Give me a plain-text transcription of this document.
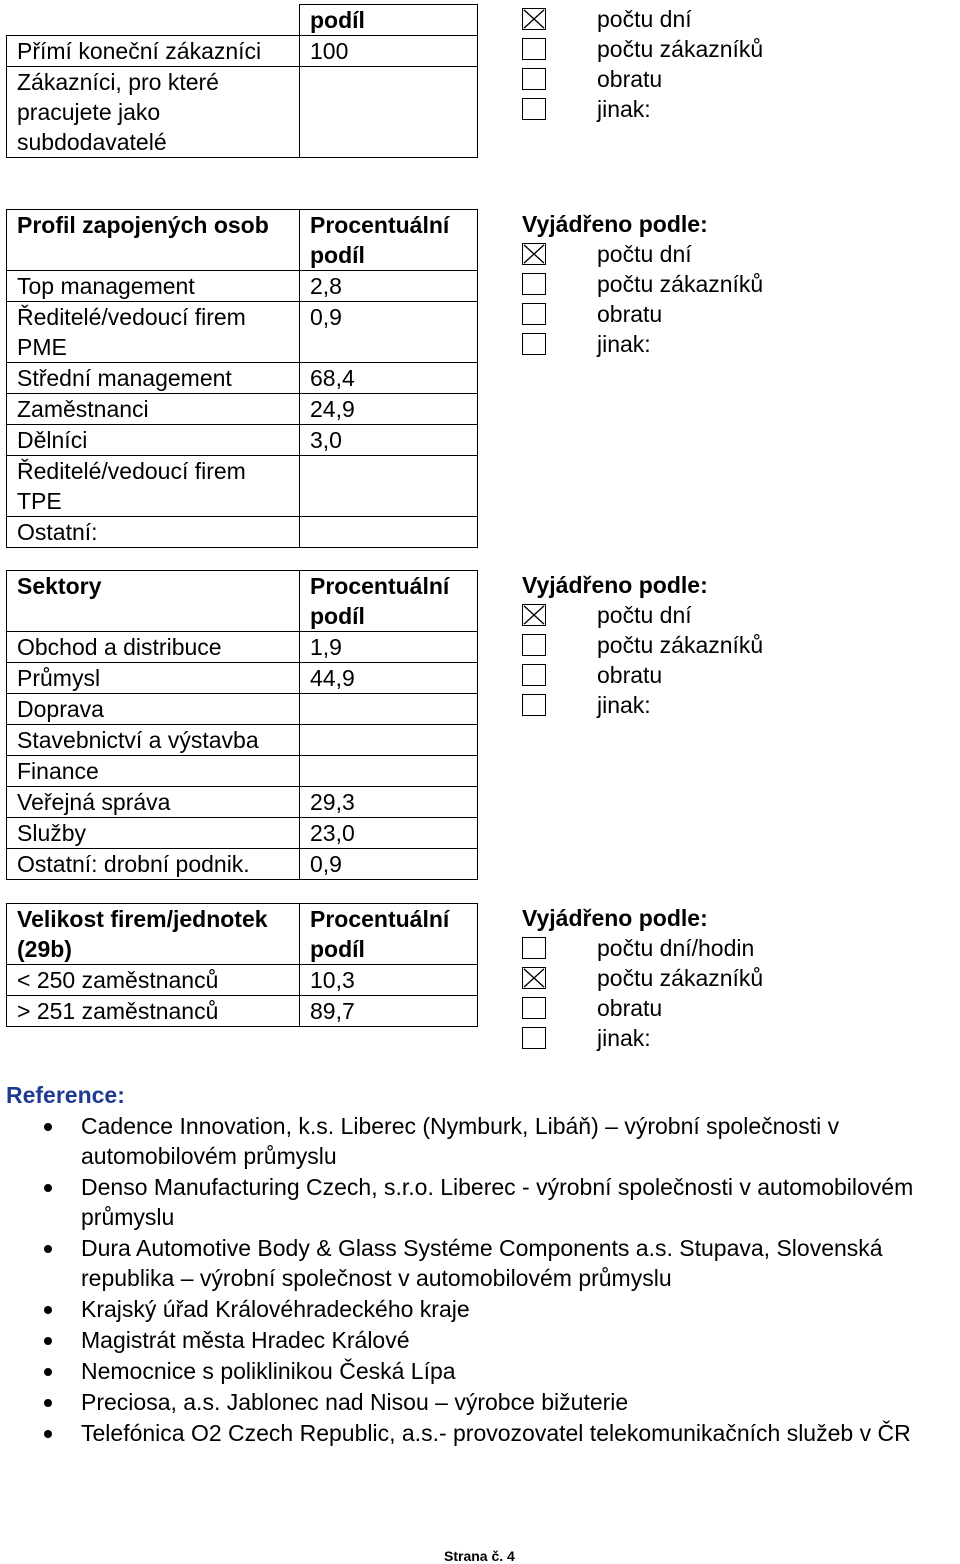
	podíl
Přímí koneční zákazníci	100
Zákazníci, pro které pracujete jako subdodavatelé	
počtu dní
počtu zákazníků
obratu
jinak:
Profil zapojených osob	Procentuální podíl
Top management	2,8
Ředitelé/vedoucí firem PME	0,9
Střední management	68,4
Zaměstnanci	24,9
Dělníci	3,0
Ředitelé/vedoucí firem TPE	
Ostatní:	
Vyjádřeno podle:
počtu dní
počtu zákazníků
obratu
jinak:
Sektory	Procentuální podíl
Obchod a distribuce	1,9
Průmysl	44,9
Doprava	
Stavebnictví a výstavba	
Finance	
Veřejná správa	29,3
Služby	23,0
Ostatní: drobní podnik.	0,9
Vyjádřeno podle:
počtu dní
počtu zákazníků
obratu
jinak:
Velikost firem/jednotek (29b)	Procentuální podíl
< 250 zaměstnanců	10,3
> 251 zaměstnanců	89,7
Vyjádřeno podle:
počtu dní/hodin
počtu zákazníků
obratu
jinak:
Reference:
Cadence Innovation, k.s. Liberec (Nymburk, Libáň) – výrobní společnosti v automobilovém průmyslu
Denso Manufacturing Czech, s.r.o. Liberec - výrobní společnosti v automobilovém průmyslu
Dura Automotive Body & Glass Systéme Components a.s. Stupava, Slovenská republika – výrobní společnost v automobilovém průmyslu
Krajský úřad Královéhradeckého kraje
Magistrát města Hradec Králové
Nemocnice s poliklinikou Česká Lípa
Preciosa, a.s. Jablonec nad Nisou – výrobce bižuterie
Telefónica O2 Czech Republic, a.s.- provozovatel telekomunikačních služeb v ČR
Strana č. 4
